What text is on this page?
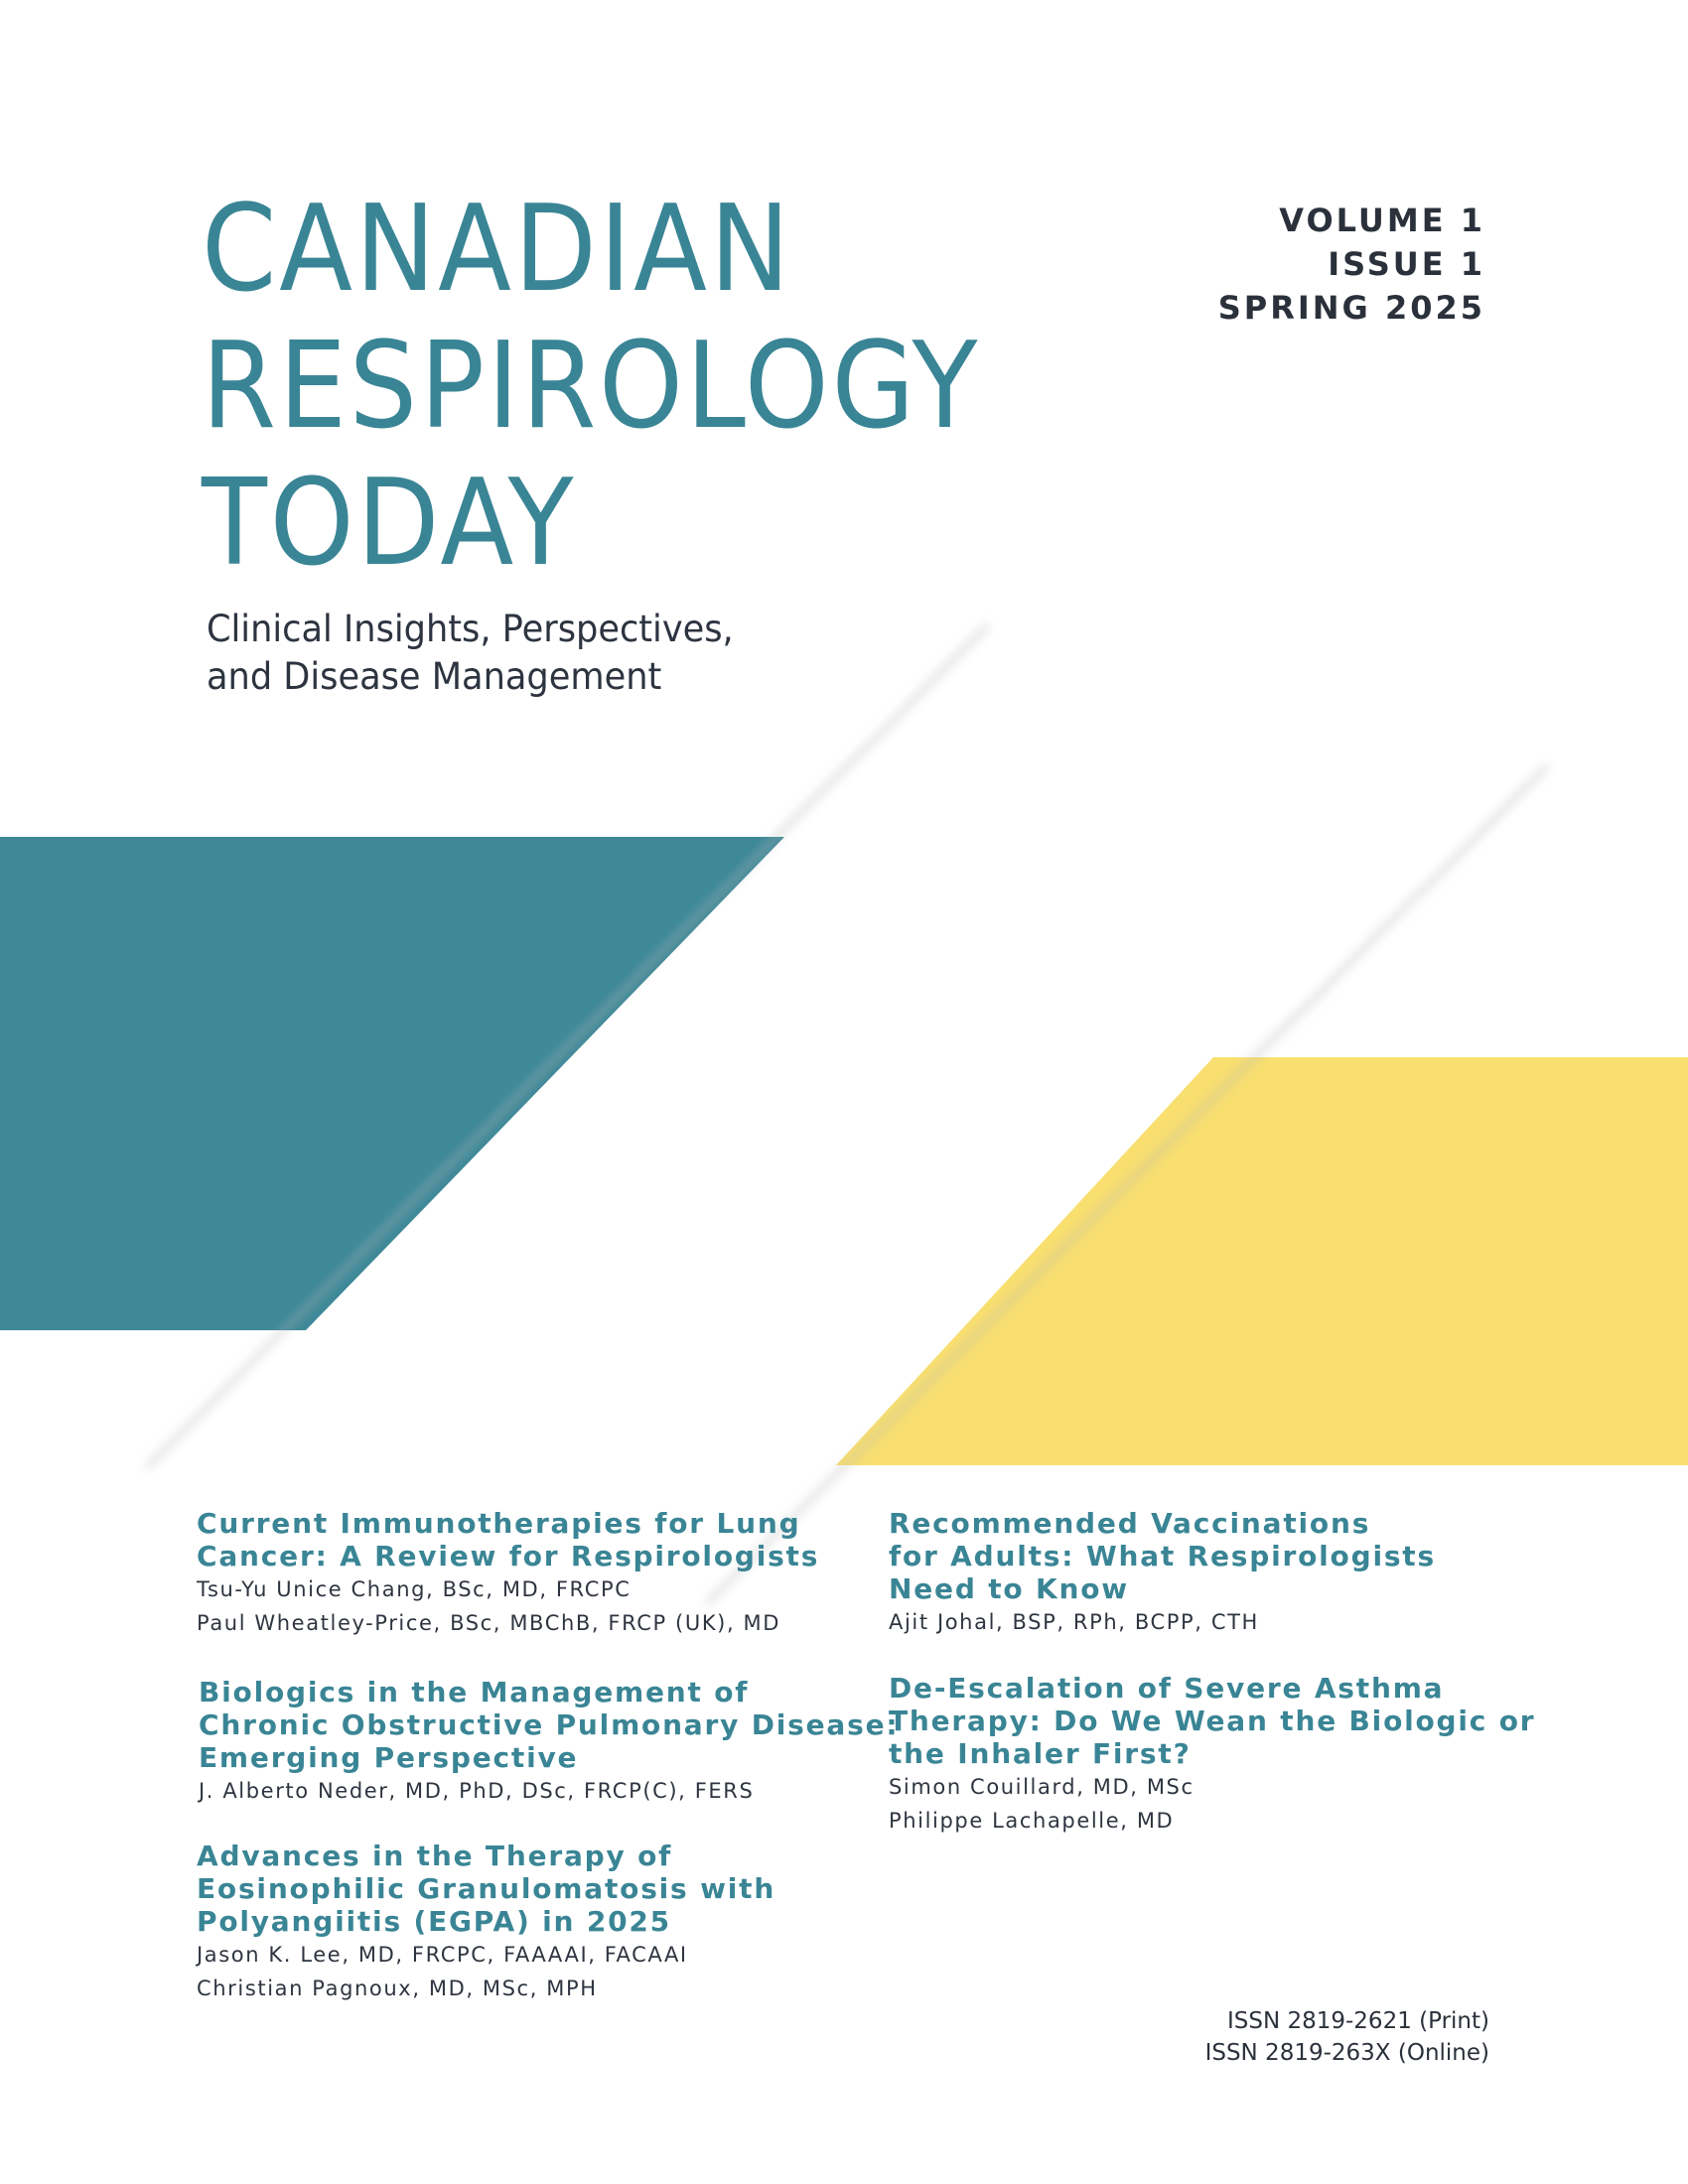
CANADIAN
RESPIROLOGY
TODAY
Clinical Insights, Perspectives,
and Disease Management
VOLUME 1
ISSUE 1
SPRING 2025
Current Immunotherapies for Lung
Cancer: A Review for Respirologists
Tsu-Yu Unice Chang, BSc, MD, FRCPC
Paul Wheatley-Price, BSc, MBChB, FRCP (UK), MD
Biologics in the Management of
Chronic Obstructive Pulmonary Disease:
Emerging Perspective
J. Alberto Neder, MD, PhD, DSc, FRCP(C), FERS
Advances in the Therapy of
Eosinophilic Granulomatosis with
Polyangiitis (EGPA) in 2025
Jason K. Lee, MD, FRCPC, FAAAAI, FACAAI
Christian Pagnoux, MD, MSc, MPH
Recommended Vaccinations
for Adults: What Respirologists
Need to Know
Ajit Johal, BSP, RPh, BCPP, CTH
De-Escalation of Severe Asthma
Therapy: Do We Wean the Biologic or
the Inhaler First?
Simon Couillard, MD, MSc
Philippe Lachapelle, MD
ISSN 2819-2621 (Print)
ISSN 2819-263X (Online)
